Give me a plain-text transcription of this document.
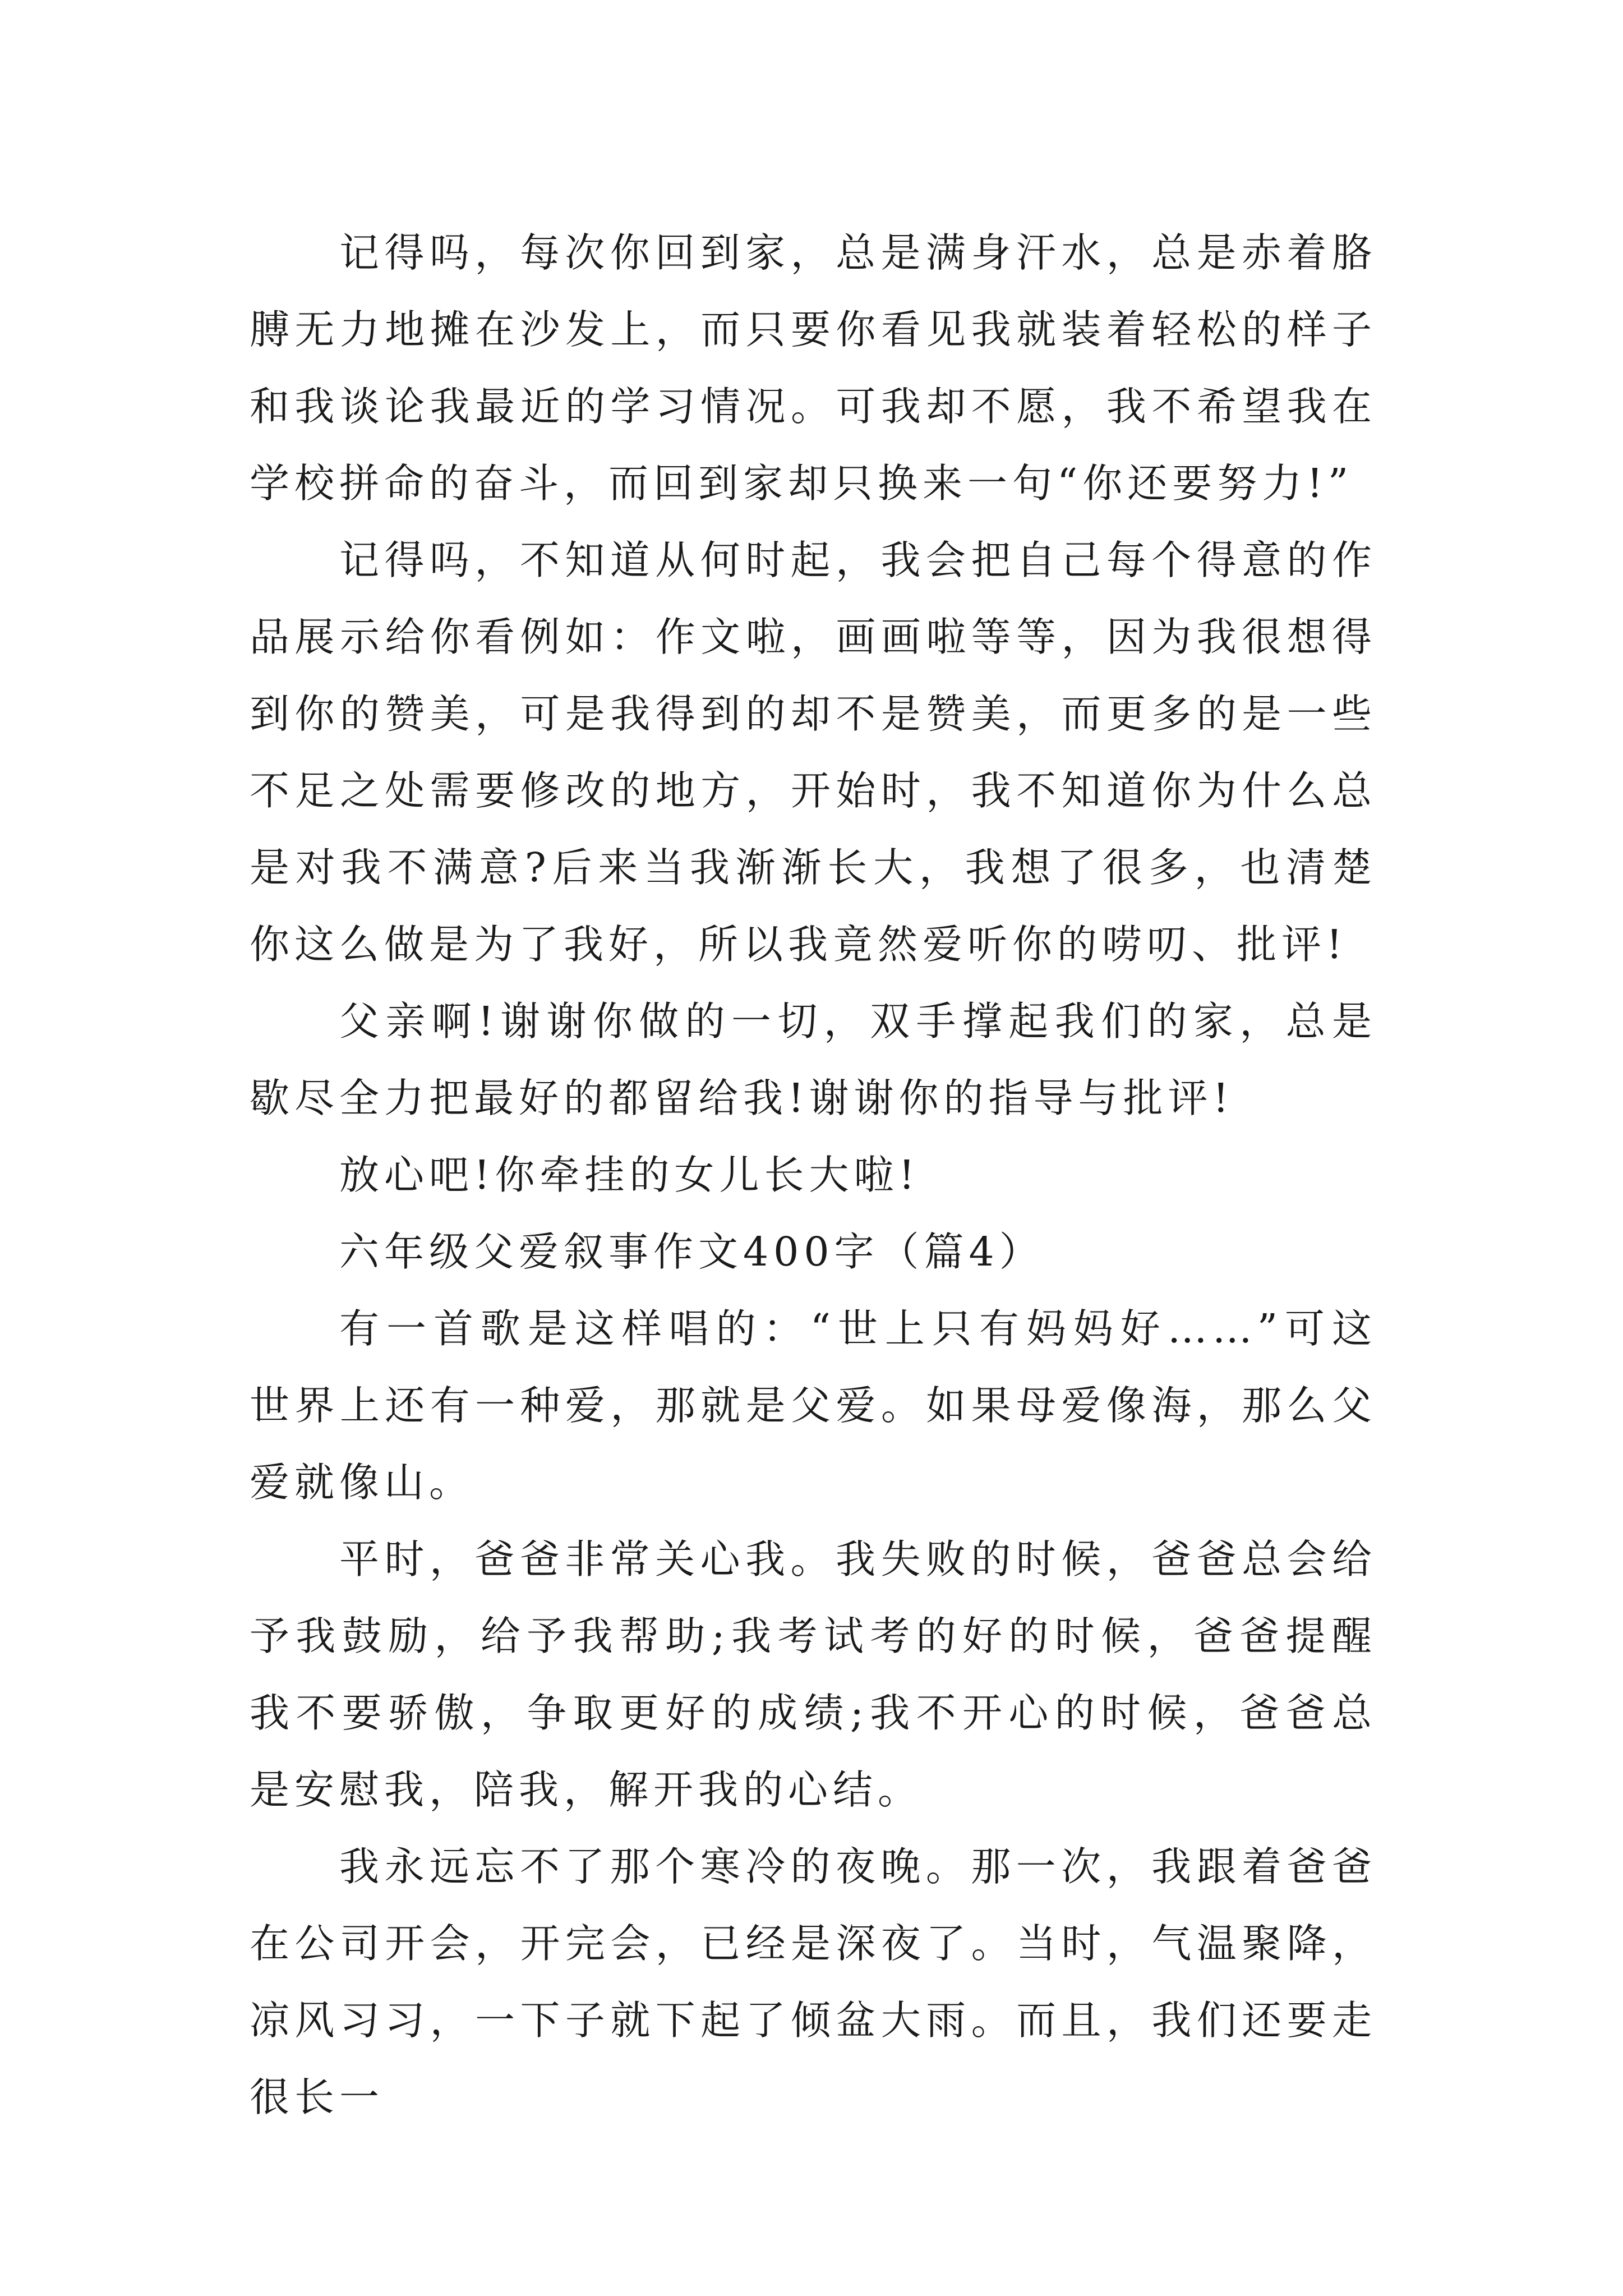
记得吗，每次你回到家，总是满身汗水，总是赤着胳膊无力地摊在沙发上，而只要你看见我就装着轻松的样子和我谈论我最近的学习情况。可我却不愿，我不希望我在学校拼命的奋斗，而回到家却只换来一句“你还要努力!”

记得吗，不知道从何时起，我会把自己每个得意的作品展示给你看例如：作文啦，画画啦等等，因为我很想得到你的赞美，可是我得到的却不是赞美，而更多的是一些不足之处需要修改的地方，开始时，我不知道你为什么总是对我不满意?后来当我渐渐长大，我想了很多，也清楚你这么做是为了我好，所以我竟然爱听你的唠叨、批评!

父亲啊!谢谢你做的一切，双手撑起我们的家，总是歇尽全力把最好的都留给我!谢谢你的指导与批评!

放心吧!你牵挂的女儿长大啦!

六年级父爱叙事作文400字（篇4）

有一首歌是这样唱的：“世上只有妈妈好……”可这世界上还有一种爱，那就是父爱。如果母爱像海，那么父爱就像山。

平时，爸爸非常关心我。我失败的时候，爸爸总会给予我鼓励，给予我帮助;我考试考的好的时候，爸爸提醒我不要骄傲，争取更好的成绩;我不开心的时候，爸爸总是安慰我，陪我，解开我的心结。

我永远忘不了那个寒冷的夜晚。那一次，我跟着爸爸在公司开会，开完会，已经是深夜了。当时，气温聚降，凉风习习，一下子就下起了倾盆大雨。而且，我们还要走很长一
